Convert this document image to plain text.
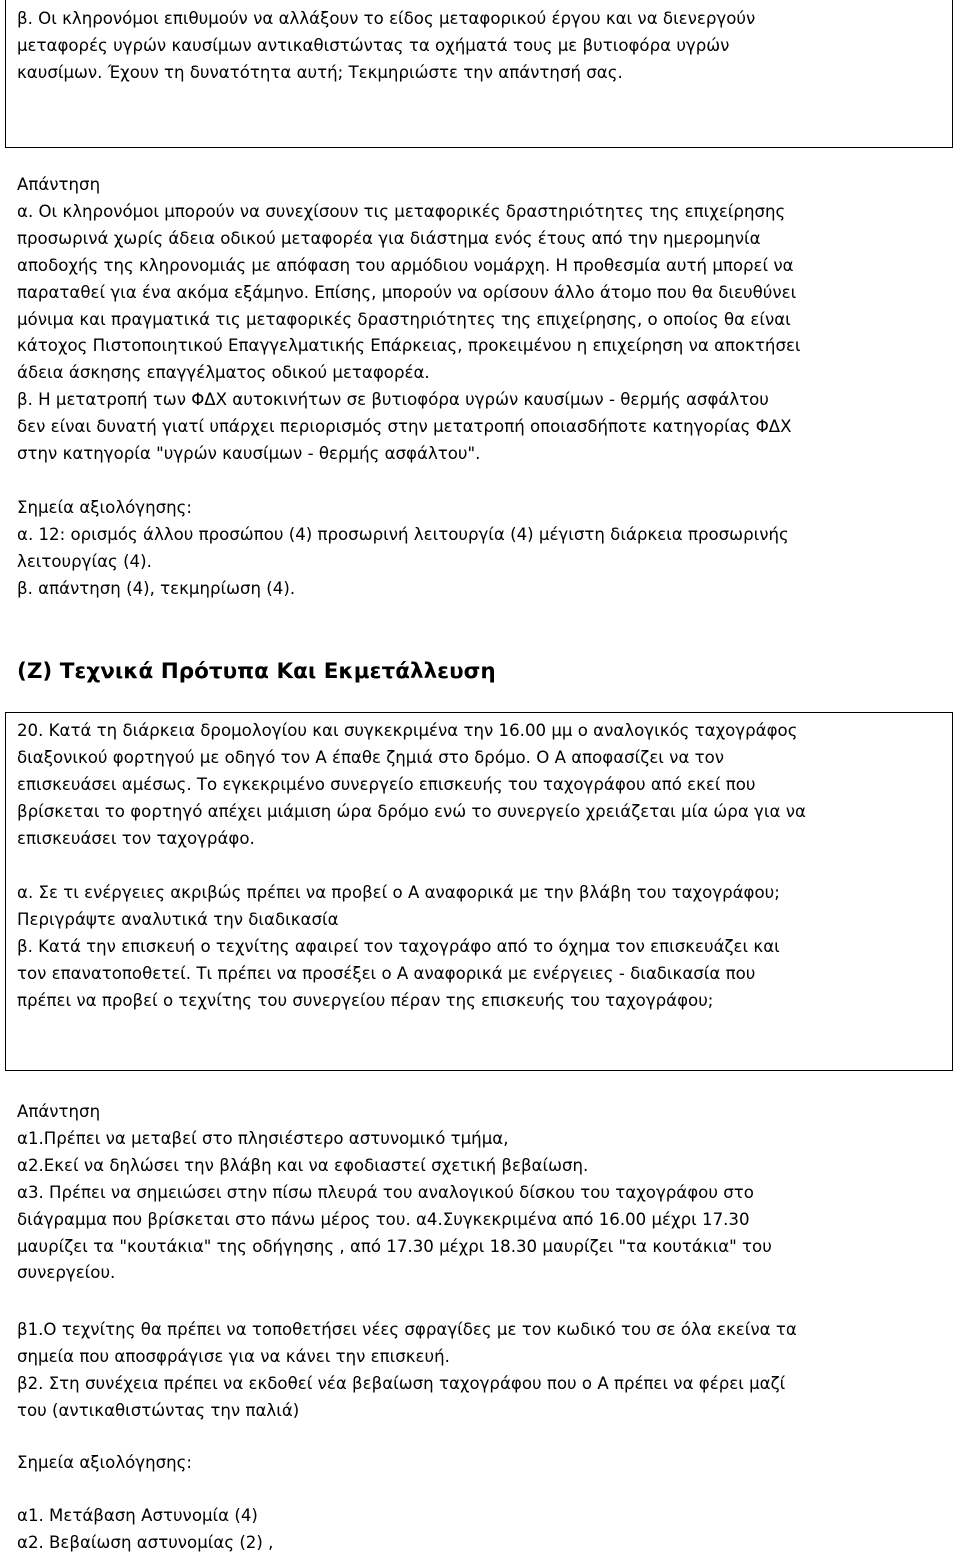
β. Οι κληρονόμοι επιθυμούν να αλλάξουν το είδος μεταφορικού έργου και να διενεργούν
μεταφορές υγρών καυσίμων αντικαθιστώντας τα οχήματά τους με βυτιοφόρα υγρών
καυσίμων. Έχουν τη δυνατότητα αυτή; Τεκμηριώστε την απάντησή σας.
Απάντηση
α. Οι κληρονόμοι μπορούν να συνεχίσουν τις μεταφορικές δραστηριότητες της επιχείρησης
προσωρινά χωρίς άδεια οδικού μεταφορέα για διάστημα ενός έτους από την ημερομηνία
αποδοχής της κληρονομιάς με απόφαση του αρμόδιου νομάρχη. Η προθεσμία αυτή μπορεί να
παραταθεί για ένα ακόμα εξάμηνο. Επίσης, μπορούν να ορίσουν άλλο άτομο που θα διευθύνει
μόνιμα και πραγματικά τις μεταφορικές δραστηριότητες της επιχείρησης, ο οποίος θα είναι
κάτοχος Πιστοποιητικού Επαγγελματικής Επάρκειας, προκειμένου η επιχείρηση να αποκτήσει
άδεια άσκησης επαγγέλματος οδικού μεταφορέα.
β. Η μετατροπή των ΦΔΧ αυτοκινήτων σε βυτιοφόρα υγρών καυσίμων - θερμής ασφάλτου
δεν είναι δυνατή γιατί υπάρχει περιορισμός στην μετατροπή οποιασδήποτε κατηγορίας ΦΔΧ
στην κατηγορία "υγρών καυσίμων - θερμής ασφάλτου".
Σημεία αξιολόγησης:
α. 12: ορισμός άλλου προσώπου (4) προσωρινή λειτουργία (4) μέγιστη διάρκεια προσωρινής
λειτουργίας (4).
β. απάντηση (4), τεκμηρίωση (4).
(Ζ) Τεχνικά Πρότυπα Και Εκμετάλλευση
20. Κατά τη διάρκεια δρομολογίου και συγκεκριμένα την 16.00 μμ ο αναλογικός ταχογράφος
διαξονικού φορτηγού με οδηγό τον Α έπαθε ζημιά στο δρόμο. Ο Α αποφασίζει να τον
επισκευάσει αμέσως. Το εγκεκριμένο συνεργείο επισκευής του ταχογράφου από εκεί που
βρίσκεται το φορτηγό απέχει μιάμιση ώρα δρόμο ενώ το συνεργείο χρειάζεται μία ώρα για να
επισκευάσει τον ταχογράφο.
α. Σε τι ενέργειες ακριβώς πρέπει να προβεί ο Α αναφορικά με την βλάβη του ταχογράφου;
Περιγράψτε αναλυτικά την διαδικασία
β. Κατά την επισκευή ο τεχνίτης αφαιρεί τον ταχογράφο από το όχημα τον επισκευάζει και
τον επανατοποθετεί. Τι πρέπει να προσέξει ο Α αναφορικά με ενέργειες - διαδικασία που
πρέπει να προβεί ο τεχνίτης του συνεργείου πέραν της επισκευής του ταχογράφου;
Απάντηση
α1.Πρέπει να μεταβεί στο πλησιέστερο αστυνομικό τμήμα,
α2.Εκεί να δηλώσει την βλάβη και να εφοδιαστεί σχετική βεβαίωση.
α3. Πρέπει να σημειώσει στην πίσω πλευρά του αναλογικού δίσκου του ταχογράφου στο
διάγραμμα που βρίσκεται στο πάνω μέρος του. α4.Συγκεκριμένα από 16.00 μέχρι 17.30
μαυρίζει τα "κουτάκια" της οδήγησης , από 17.30 μέχρι 18.30 μαυρίζει "τα κουτάκια" του
συνεργείου.
β1.Ο τεχνίτης θα πρέπει να τοποθετήσει νέες σφραγίδες με τον κωδικό του σε όλα εκείνα τα
σημεία που αποσφράγισε για να κάνει την επισκευή.
β2. Στη συνέχεια πρέπει να εκδοθεί νέα βεβαίωση ταχογράφου που ο Α πρέπει να φέρει μαζί
του (αντικαθιστώντας την παλιά)
Σημεία αξιολόγησης:
α1. Μετάβαση Αστυνομία (4)
α2. Βεβαίωση αστυνομίας (2) ,
